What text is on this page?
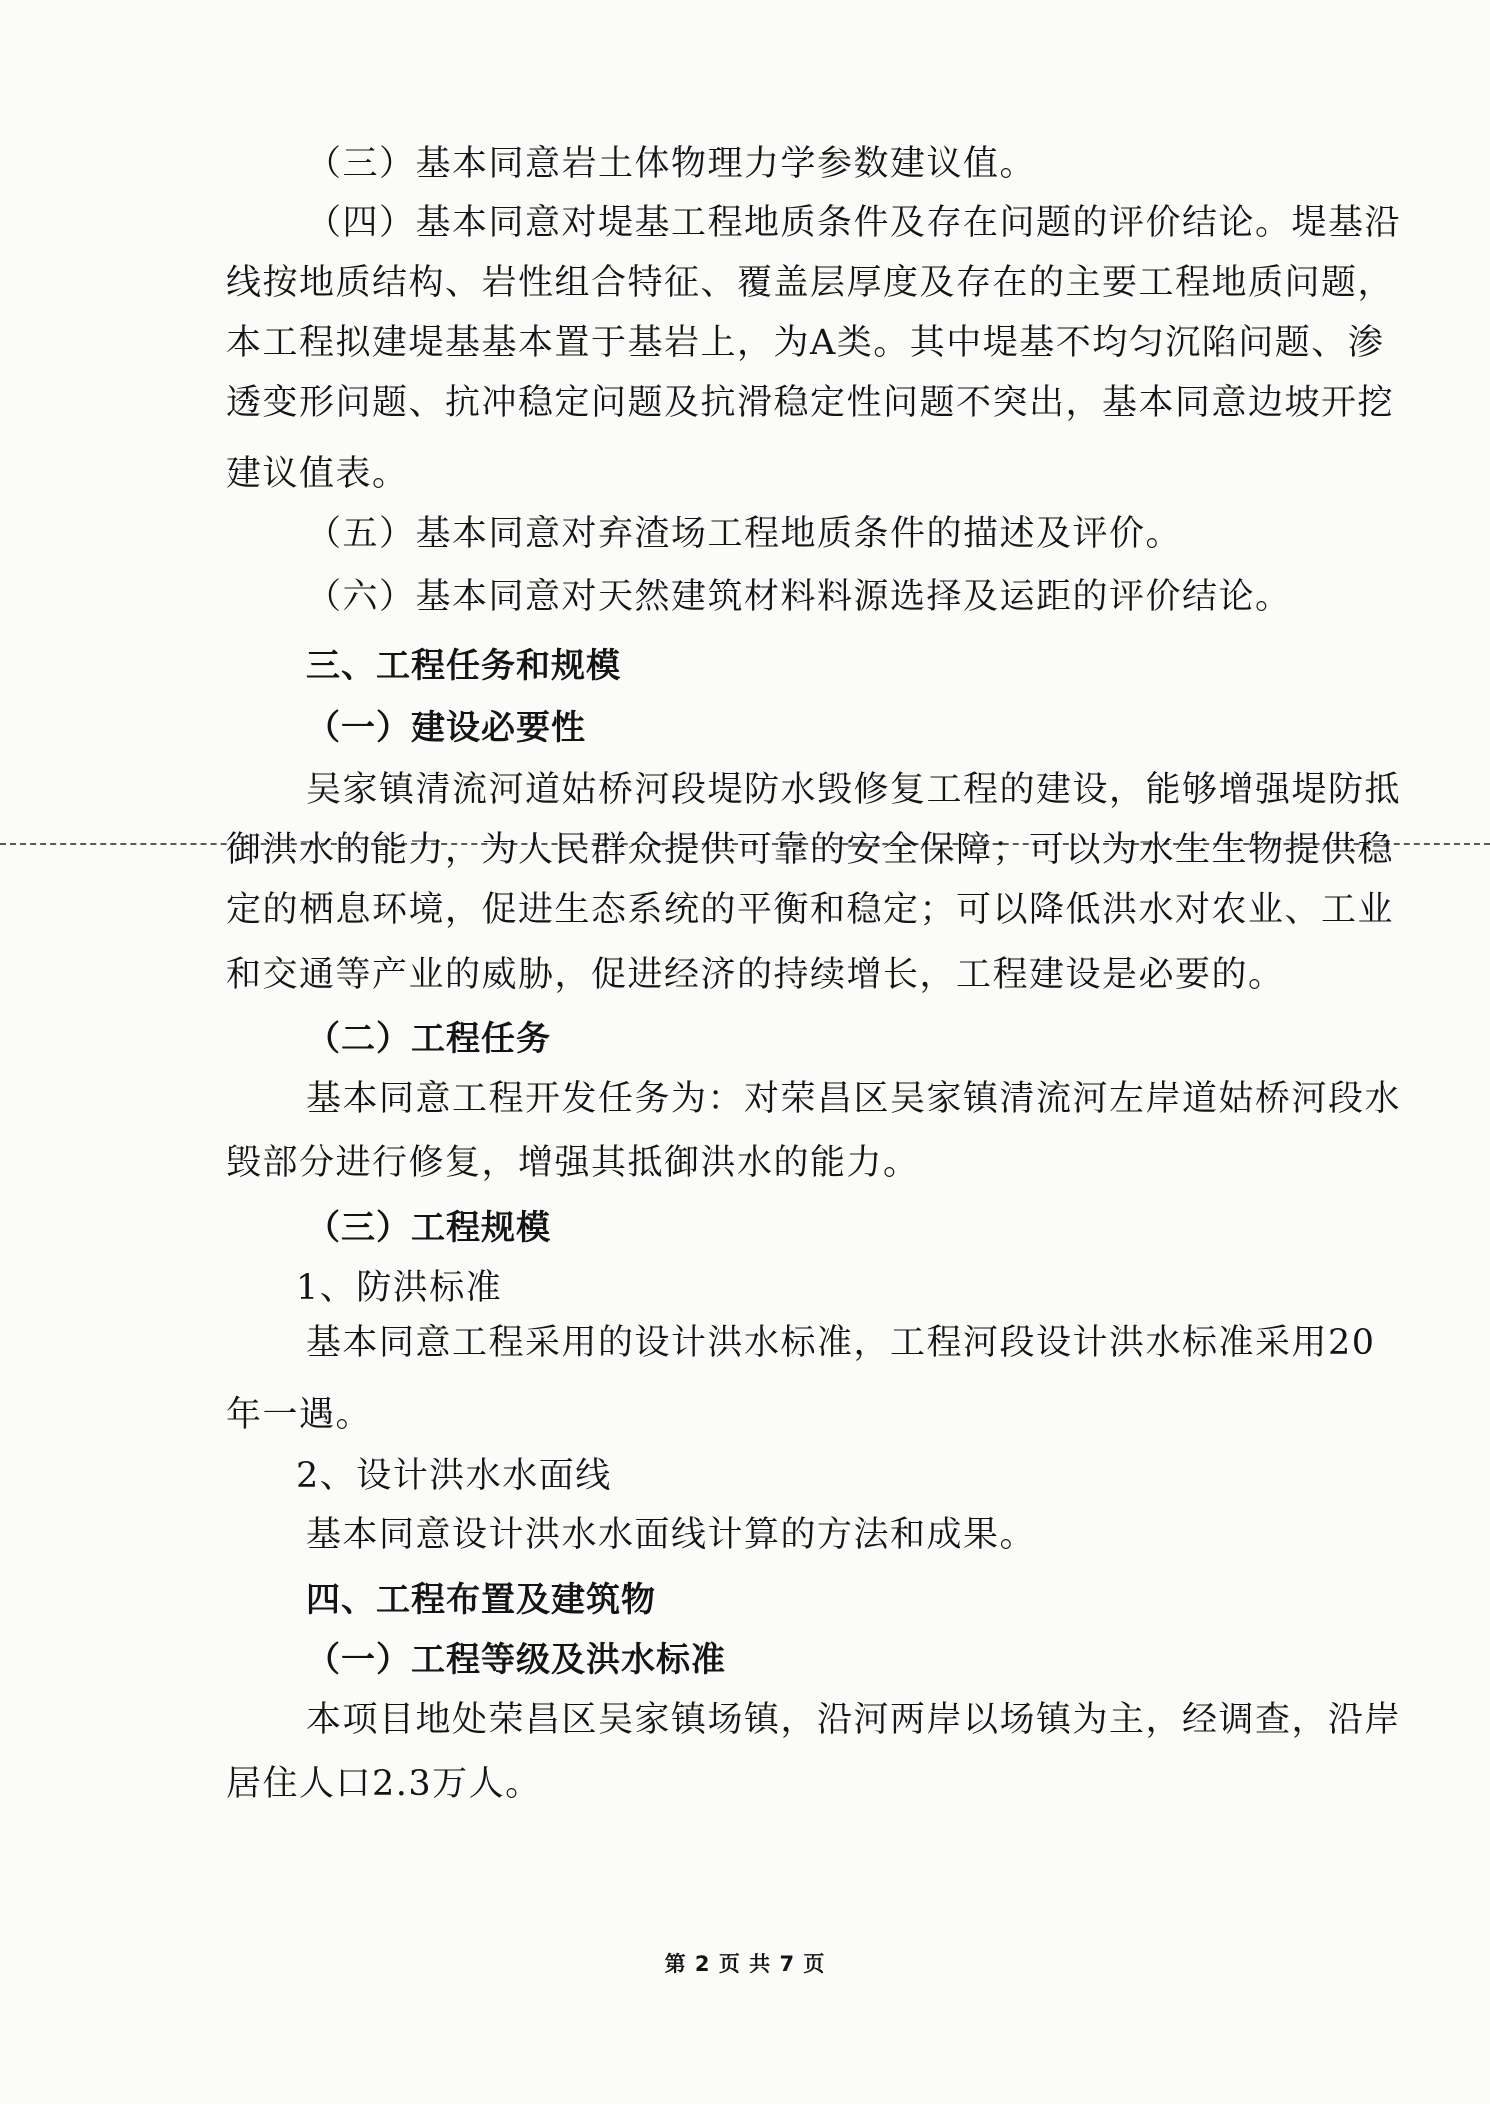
（三）基本同意岩土体物理力学参数建议值。
（四）基本同意对堤基工程地质条件及存在问题的评价结论。堤基沿
线按地质结构、岩性组合特征、覆盖层厚度及存在的主要工程地质问题，
本工程拟建堤基基本置于基岩上，为A类。其中堤基不均匀沉陷问题、渗
透变形问题、抗冲稳定问题及抗滑稳定性问题不突出，基本同意边坡开挖
建议值表。
（五）基本同意对弃渣场工程地质条件的描述及评价。
（六）基本同意对天然建筑材料料源选择及运距的评价结论。
三、工程任务和规模
（一）建设必要性
吴家镇清流河道姑桥河段堤防水毁修复工程的建设，能够增强堤防抵
御洪水的能力，为人民群众提供可靠的安全保障；可以为水生生物提供稳
定的栖息环境，促进生态系统的平衡和稳定；可以降低洪水对农业、工业
和交通等产业的威胁，促进经济的持续增长，工程建设是必要的。
（二）工程任务
基本同意工程开发任务为：对荣昌区吴家镇清流河左岸道姑桥河段水
毁部分进行修复，增强其抵御洪水的能力。
（三）工程规模
1、防洪标准
基本同意工程采用的设计洪水标准，工程河段设计洪水标准采用20
年一遇。
2、设计洪水水面线
基本同意设计洪水水面线计算的方法和成果。
四、工程布置及建筑物
（一）工程等级及洪水标准
本项目地处荣昌区吴家镇场镇，沿河两岸以场镇为主，经调查，沿岸
居住人口2.3万人。
第 2 页 共 7 页
